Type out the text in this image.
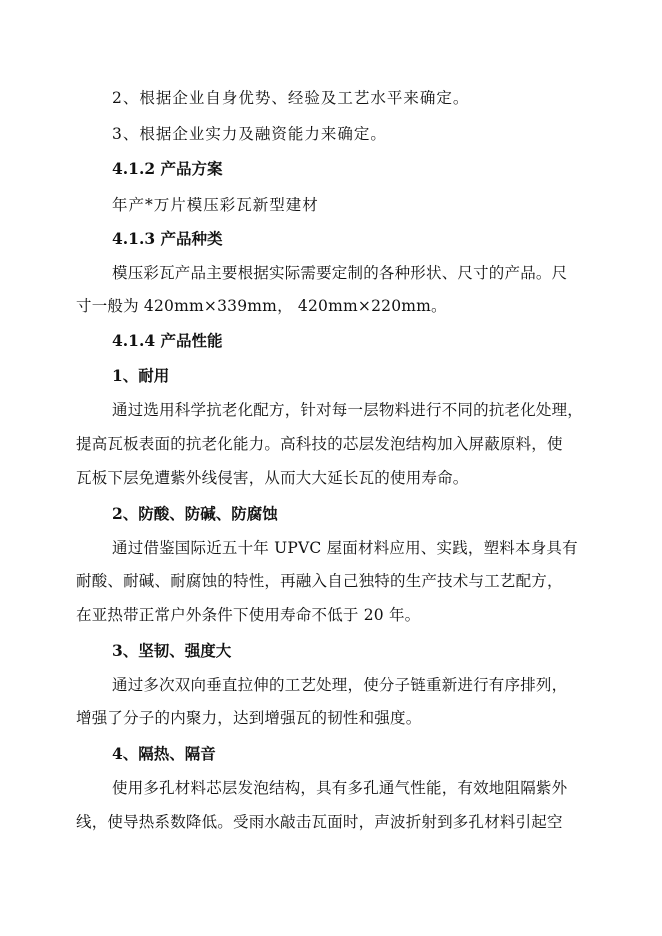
2、根据企业自身优势、经验及工艺水平来确定。
3、根据企业实力及融资能力来确定。
4.1.2 产品方案
年产*万片模压彩瓦新型建材
4.1.3 产品种类
模压彩瓦产品主要根据实际需要定制的各种形状、尺寸的产品。尺
寸一般为 420mm×339mm， 420mm×220mm。
4.1.4 产品性能
1、耐用
通过选用科学抗老化配方，针对每一层物料进行不同的抗老化处理，
提高瓦板表面的抗老化能力。高科技的芯层发泡结构加入屏蔽原料，使
瓦板下层免遭紫外线侵害，从而大大延长瓦的使用寿命。
2、防酸、防碱、防腐蚀
通过借鉴国际近五十年 UPVC 屋面材料应用、实践，塑料本身具有
耐酸、耐碱、耐腐蚀的特性，再融入自己独特的生产技术与工艺配方，
在亚热带正常户外条件下使用寿命不低于 20 年。
3、坚韧、强度大
通过多次双向垂直拉伸的工艺处理，使分子链重新进行有序排列，
增强了分子的内聚力，达到增强瓦的韧性和强度。
4、隔热、隔音
使用多孔材料芯层发泡结构，具有多孔通气性能，有效地阻隔紫外
线，使导热系数降低。受雨水敲击瓦面时，声波折射到多孔材料引起空
